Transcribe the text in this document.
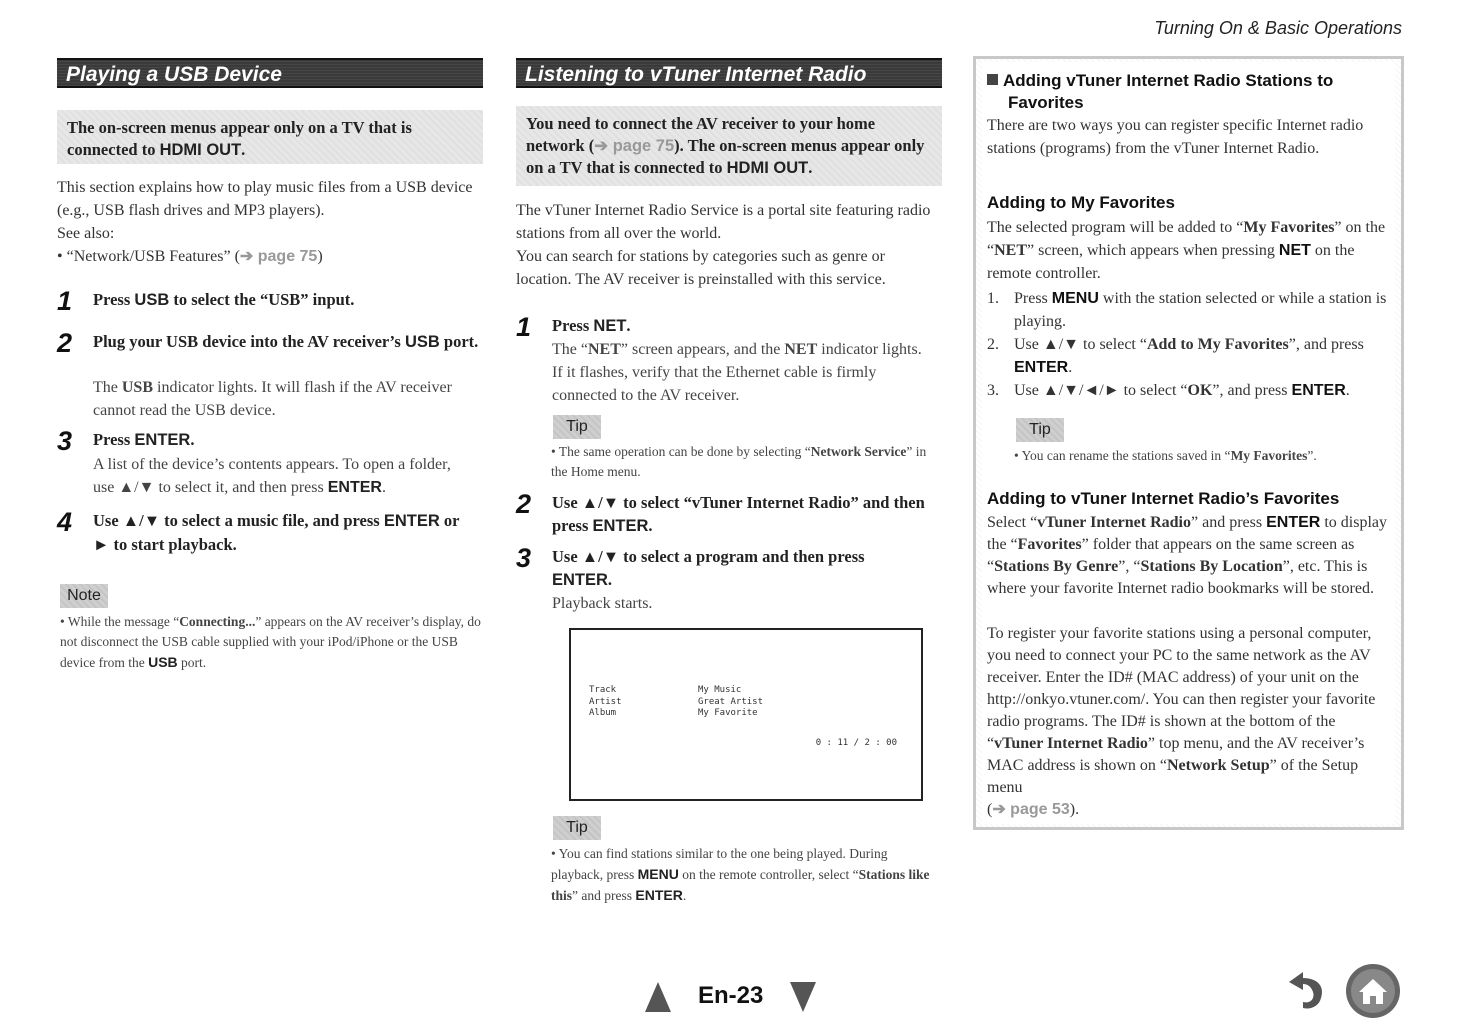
Turning On & Basic Operations
Playing a USB Device
The on-screen menus appear only on a TV that is connected to HDMI OUT.

This section explains how to play music files from a USB device (e.g., USB flash drives and MP3 players).

See also:

• “Network/USB Features” (➔ page 75)

1 Press USB to select the “USB” input.
2 Plug your USB device into the AV receiver’s USB port.
The USB indicator lights. It will flash if the AV receiver cannot read the USB device.
3 Press ENTER.
A list of the device’s contents appears. To open a folder, use ▲/▼ to select it, and then press ENTER.
4 Use ▲/▼ to select a music file, and press ENTER or
► to start playback.
Note
• While the message “Connecting...” appears on the AV receiver’s display, do not disconnect the USB cable supplied with your iPod/iPhone or the USB device from the USB port.
Listening to vTuner Internet Radio
You need to connect the AV receiver to your home network (➔ page 75). The on-screen menus appear only on a TV that is connected to HDMI OUT.

The vTuner Internet Radio Service is a portal site featuring radio stations from all over the world.

You can search for stations by categories such as genre or location. The AV receiver is preinstalled with this service.

1 Press NET.
The “NET” screen appears, and the NET indicator lights. If it flashes, verify that the Ethernet cable is firmly connected to the AV receiver.
Tip
• The same operation can be done by selecting “Network Service” in the Home menu.
2 Use ▲/▼ to select “vTuner Internet Radio” and then press ENTER.
3 Use ▲/▼ to select a program and then press ENTER.
Playback starts.
Track
Artist
Album
My Music
Great Artist
My Favorite
0 : 11 / 2 : 00
Tip
• You can find stations similar to the one being played. During playback, press MENU on the remote controller, select “Stations like this” and press ENTER.
Adding vTuner Internet Radio Stations to
Favorites
There are two ways you can register specific Internet radio stations (programs) from the vTuner Internet Radio.
Adding to My Favorites
The selected program will be added to “My Favorites” on the “NET” screen, which appears when pressing NET on the remote controller.
1. Press MENU with the station selected or while a station is playing.
2. Use ▲/▼ to select “Add to My Favorites”, and press ENTER.
3. Use ▲/▼/◄/► to select “OK”, and press ENTER.
Tip
• You can rename the stations saved in “My Favorites”.
Adding to vTuner Internet Radio’s Favorites
Select “vTuner Internet Radio” and press ENTER to display the “Favorites” folder that appears on the same screen as “Stations By Genre”, “Stations By Location”, etc. This is where your favorite Internet radio bookmarks will be stored.
To register your favorite stations using a personal computer, you need to connect your PC to the same network as the AV receiver. Enter the ID# (MAC address) of your unit on the http://onkyo.vtuner.com/. You can then register your favorite radio programs. The ID# is shown at the bottom of the “vTuner Internet Radio” top menu, and the AV receiver’s MAC address is shown on “Network Setup” of the Setup menu
(➔ page 53).
En-23
